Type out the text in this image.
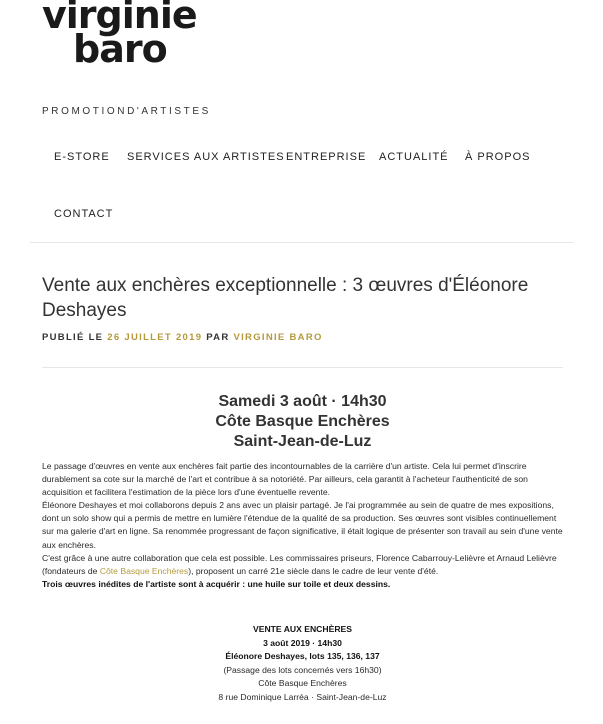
virginie
baro
PROMOTIOND'ARTISTES
E-STORE SERVICES AUX ARTISTES ENTREPRISE ACTUALITÉ À PROPOS
CONTACT
Vente aux enchères exceptionnelle : 3 œuvres d'Éléonore Deshayes
PUBLIÉ LE 26 JUILLET 2019 PAR VIRGINIE BARO
Samedi 3 août · 14h30
Côte Basque Enchères
Saint-Jean-de-Luz

Le passage d'œuvres en vente aux enchères fait partie des incontournables de la carrière d'un artiste. Cela lui permet d'inscrire durablement sa cote sur la marché de l'art et contribue à sa notoriété. Par ailleurs, cela garantit à l'acheteur l'authenticité de son acquisition et facilitera l'estimation de la pièce lors d'une éventuelle revente.

Éléonore Deshayes et moi collaborons depuis 2 ans avec un plaisir partagé. Je l'ai programmée au sein de quatre de mes expositions, dont un solo show qui a permis de mettre en lumière l'étendue de la qualité de sa production. Ses œuvres sont visibles continuellement sur ma galerie d'art en ligne. Sa renommée progressant de façon significative, il était logique de présenter son travail au sein d'une vente aux enchères.

C'est grâce à une autre collaboration que cela est possible. Les commissaires priseurs, Florence Cabarrouy-Lelièvre et Arnaud Lelièvre (fondateurs de Côte Basque Enchères), proposent un carré 21e siècle dans le cadre de leur vente d'été.

Trois œuvres inédites de l'artiste sont à acquérir : une huile sur toile et deux dessins.

VENTE AUX ENCHÈRES
3 août 2019 · 14h30
Éléonore Deshayes, lots 135, 136, 137
(Passage des lots concernés vers 16h30)
Côte Basque Enchères
8 rue Dominique Larréa · Saint-Jean-de-Luz
